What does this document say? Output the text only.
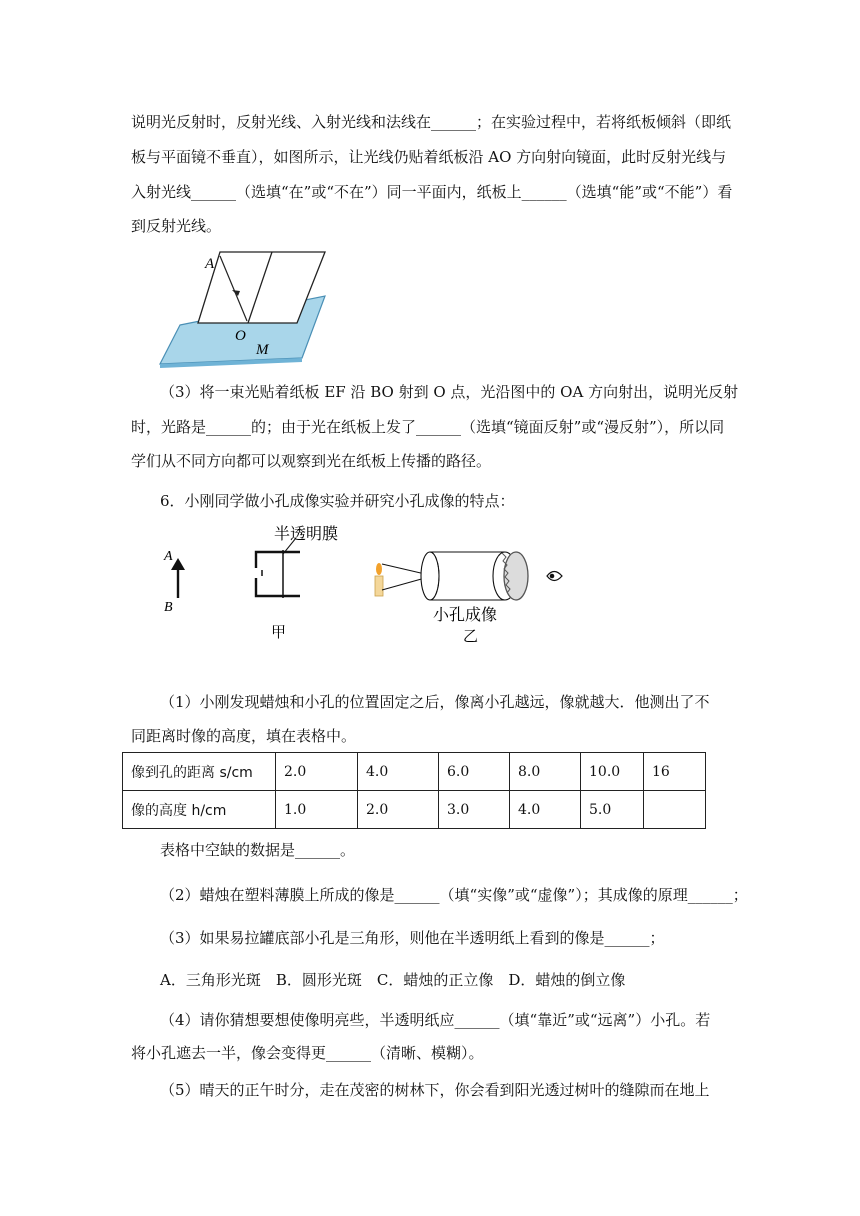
说明光反射时，反射光线、入射光线和法线在______；在实验过程中，若将纸板倾斜（即纸
板与平面镜不垂直），如图所示，让光线仍贴着纸板沿 AO 方向射向镜面，此时反射光线与
入射光线______（选填“在”或“不在”）同一平面内，纸板上______（选填“能”或“不能”）看
到反射光线。
A
O
M
（3）将一束光贴着纸板 EF 沿 BO 射到 O 点，光沿图中的 OA 方向射出，说明光反射
时，光路是______的；由于光在纸板上发了______（选填“镜面反射”或“漫反射”），所以同
学们从不同方向都可以观察到光在纸板上传播的路径。
6．小刚同学做小孔成像实验并研究小孔成像的特点：
A
B
半透明膜
甲
小孔成像
乙
（1）小刚发现蜡烛和小孔的位置固定之后，像离小孔越远，像就越大．他测出了不
同距离时像的高度，填在表格中。
像到孔的距离 s/cm	2.0	4.0	6.0	8.0	10.0	16
像的高度 h/cm	1.0	2.0	3.0	4.0	5.0	
表格中空缺的数据是______。
（2）蜡烛在塑料薄膜上所成的像是______（填“实像”或“虚像”）；其成像的原理______；
（3）如果易拉罐底部小孔是三角形，则他在半透明纸上看到的像是______；
A．三角形光斑　B．圆形光斑　C．蜡烛的正立像　D．蜡烛的倒立像
（4）请你猜想要想使像明亮些，半透明纸应______（填“靠近”或“远离”）小孔。若
将小孔遮去一半，像会变得更______（清晰、模糊）。
（5）晴天的正午时分，走在茂密的树林下，你会看到阳光透过树叶的缝隙而在地上
